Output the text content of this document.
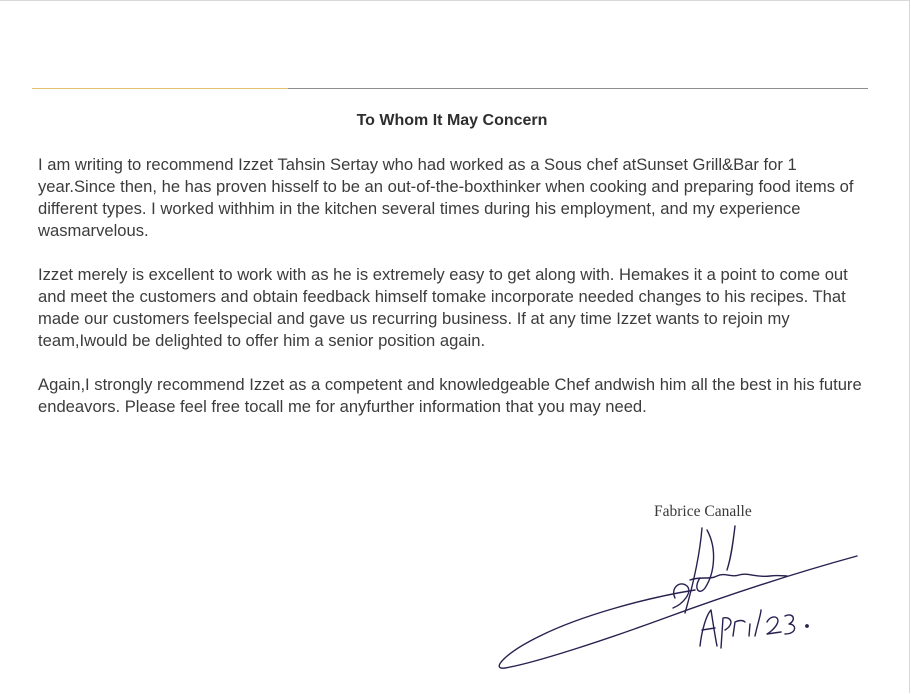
To Whom It May Concern

I am writing to recommend Izzet Tahsin Sertay who had worked as a Sous chef atSunset Grill&Bar for 1 year.Since then, he has proven hisself to be an out-of-the-boxthinker when cooking and preparing food items of different types. I worked withhim in the kitchen several times during his employment, and my experience wasmarvelous.

Izzet merely is excellent to work with as he is extremely easy to get along with. Hemakes it a point to come out and meet the customers and obtain feedback himself tomake incorporate needed changes to his recipes. That made our customers feelspecial and gave us recurring business. If at any time Izzet wants to rejoin my team,Iwould be delighted to offer him a senior position again.

Again,I strongly recommend Izzet as a competent and knowledgeable Chef andwish him all the best in his future endeavors. Please feel free tocall me for anyfurther information that you may need.

Fabrice Canalle
